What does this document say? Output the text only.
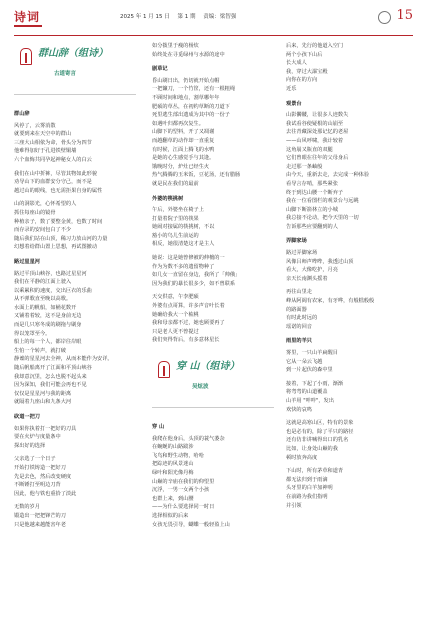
诗词	2025 年 1 月 15 日 第 1 期 责编：梁智强	15
群山辞（组诗）
古道寄言

群山辞

风停了，云雾消散

就要到来在天空中的群山

三座大山相依为命，骨头分为四节

他难得加好于孔进铁壁铜墙

六个血悔共同孕起神秘女人的白云

我们在山中折裤，尽管其物如此形貌

劝导山下的血群安分守己，而不是

越过山的眼线，也无需拒果自身的属性

山的洞影光，心怀希望的人

抓住每座山的镜骨

种植亲子，数了要整金黄，也数了时间

而存录的安间包白了不少

随后我们站在山顶，稀习力放山河的力量

幻想着给群山置上思想，再试图撤动

路过星星河

路过平顶山峡谷，也路过星星河

我们在平静的江面上驶入

以乘累积的速度，交出巨衣的乐曲

从不弹歌直至晚以高歌。

水面上的帆船，如桶花数开

又铺着着较，这不是身前无边

而是几只寒冬成的刷拖与刷身

得以笼罩至今。

船上的每一个人，都岸往岸眼

生怕一个转声，就打破

静谧的星星河去全神，从而本能作为安详。

随后帆船离开了江面和平顶山峡谷

我却意沉里，怎么也脱不起头来

因为深知，我们可能会再也不见

仅仅是星星河与我的距离

就隔着九座山和九条大河

砍道一把刀

如果你执着打一把好的刀具

要在火炉与度量条中

探出好的选择

父亲选了一个日子

开始打铁铸造一把好刀

先是去色，然后改变硬度

不断锤打至明边刀背

因此，他与铁也重拾了淡此

无数的岁月

锻造出一把把锋芒的刀

只是他越来越能害年老

如分拨里于瘦的杨炊

始终处在寻觅绿州与水源的途中

剧草记

昏山刷日出，仍切就开始点帽

一把镰刀，一个竹筐，还有一根粗绳

不顾时间和地点，割草哪年年

肥硕的草丛，在初约草断的刀道下

死里逃生部出遗成为其中的一份子

如遇叶归都再次复生。

山脚下的型料，开了又凋谢

而越翻草的动作却一直重复

有时候，江面上腾飞的水鸭

是她的心生感觉手与其逢。

饿晚时分，炉灶已经生火

热气腾腾的玉米饭，豆花汤，还有腊肠

就是民在我们的最前

外婆的筷挑树

午后，外婆坐在椅子上

打量着院子里的筷果

她闹对接属的筷挑树，不以

豁小的鸟儿生前运的

相反，她很清楚这才是主人

她说：这是她曾修被的伸檀的一

作为为数不多的遗留物种了

如几女一直留在身边，我所了「帅俄」

因为我们的暴长很多少，如不曾联系

天交供意，午李肥硕

外婆有点哥算，许多声音叶长着

她确给我大一个梳桃

我和母亲都不过，她也顾要再了

只是老人更不曾提过

我们突得背后，有多意林星长

穿 山（组诗）
吴炫波

穿 山

我爬在他身后，头顶的蓑气萎杂

在蜿蜒的山路跋涉

飞鸟和野生动物，哈哈

把踪迹的风景迷山

绿叶和阳光像丹梅

山巅的辛庙在我们的仰望里

沉浮，一男一女两个小孩

也群上来，到山腰

——为什么要选择同一时日

选择相似的后来

女孩无畏引导，蝴蝶一般轻盈上山

后来，先行的他道入空门

两个小孩下山后

长大成人

我，穿过大瀑宝殿

向你在的方向

近乐

观景台

山影髑髅，让很多人迹数失

我试看谷使疑根的山崩至

去往青藏深处那记忆的老屋

——山风呼啸，我计较着

这角崩又瓶直的双腿

它们曾眼在往年的父母身后

走过那一条岫般

由今天，重新去走，去完成一种体验

看导言存哨，那些紧张

终于到达山腰一个断弃子

我在一位看图栏的观景台与远眺

山脚下断箭林立的小城

我总接不论动，把今天里的一切

告诉那些应要翻到的人

弄脚家场

路过弄脚家场

风像吕师声哔哔，我透过山顶

看大，大像吃护，月亮

亲天长南渊头摇着

再往山里走

峰从阿阔有农家，有牙哗，有般糕般般

的路面器

有时此时远的

瑶诺的回音

雨里的羊只

雾里，一只山羊扁醒目

它从一朵云飞越

到一片起伏的森中里

接着，下起了小雨，渐渐

将弯弯的山道覆盖

山羊用 "咩咩"，发出

欢快的哀鸣

这就是高寒山区，特有的景象

也是必有的，除了平只的路径

还有仿非讲喊得出口的乳名

比如，让身处山巅的我

顿时放奔高度

下山时，所有茅草和道青

都无法归到于雨滴

头牙里的白羊加神明

在前路为我们指明

并引领
